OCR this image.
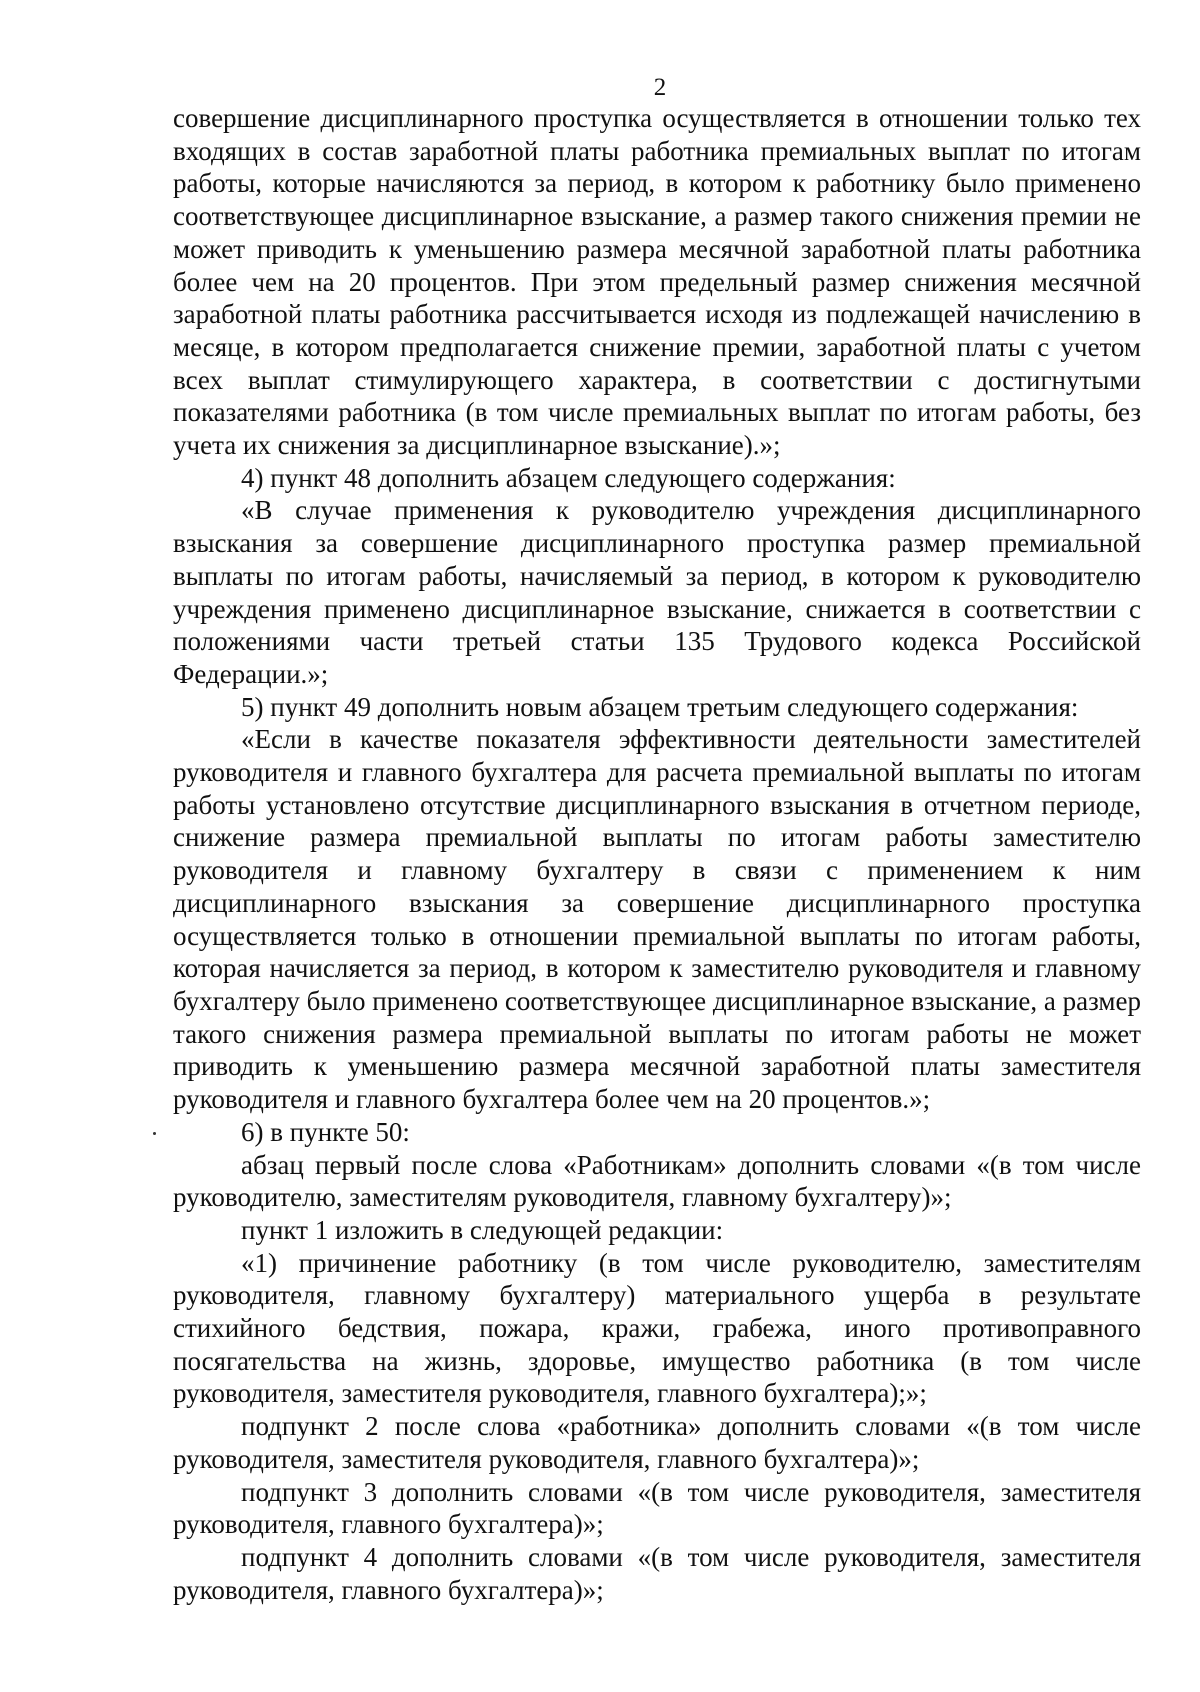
2

совершение дисциплинарного проступка осуществляется в отношении только тех входящих в состав заработной платы работника премиальных выплат по итогам работы, которые начисляются за период, в котором к работнику было применено соответствующее дисциплинарное взыскание, а размер такого снижения премии не может приводить к уменьшению размера месячной заработной платы работника более чем на 20 процентов. При этом предельный размер снижения месячной заработной платы работника рассчитывается исходя из подлежащей начислению в месяце, в котором предполагается снижение премии, заработной платы с учетом всех выплат стимулирующего характера, в соответствии с достигнутыми показателями работника (в том числе премиальных выплат по итогам работы, без учета их снижения за дисциплинарное взыскание).»;

4) пункт 48 дополнить абзацем следующего содержания:

«В случае применения к руководителю учреждения дисциплинарного взыскания за совершение дисциплинарного проступка размер премиальной выплаты по итогам работы, начисляемый за период, в котором к руководителю учреждения применено дисциплинарное взыскание, снижается в соответствии с положениями части третьей статьи 135 Трудового кодекса Российской Федерации.»;

5) пункт 49 дополнить новым абзацем третьим следующего содержания:

«Если в качестве показателя эффективности деятельности заместителей руководителя и главного бухгалтера для расчета премиальной выплаты по итогам работы установлено отсутствие дисциплинарного взыскания в отчетном периоде, снижение размера премиальной выплаты по итогам работы заместителю руководителя и главному бухгалтеру в связи с применением к ним дисциплинарного взыскания за совершение дисциплинарного проступка осуществляется только в отношении премиальной выплаты по итогам работы, которая начисляется за период, в котором к заместителю руководителя и главному бухгалтеру было применено соответствующее дисциплинарное взыскание, а размер такого снижения размера премиальной выплаты по итогам работы не может приводить к уменьшению размера месячной заработной платы заместителя руководителя и главного бухгалтера более чем на 20 процентов.»;

6) в пункте 50:

абзац первый после слова «Работникам» дополнить словами «(в том числе руководителю, заместителям руководителя, главному бухгалтеру)»;

пункт 1 изложить в следующей редакции:

«1) причинение работнику (в том числе руководителю, заместителям руководителя, главному бухгалтеру) материального ущерба в результате стихийного бедствия, пожара, кражи, грабежа, иного противоправного посягательства на жизнь, здоровье, имущество работника (в том числе руководителя, заместителя руководителя, главного бухгалтера);»;

подпункт 2 после слова «работника» дополнить словами «(в том числе руководителя, заместителя руководителя, главного бухгалтера)»;

подпункт 3 дополнить словами «(в том числе руководителя, заместителя руководителя, главного бухгалтера)»;

подпункт 4 дополнить словами «(в том числе руководителя, заместителя руководителя, главного бухгалтера)»;
